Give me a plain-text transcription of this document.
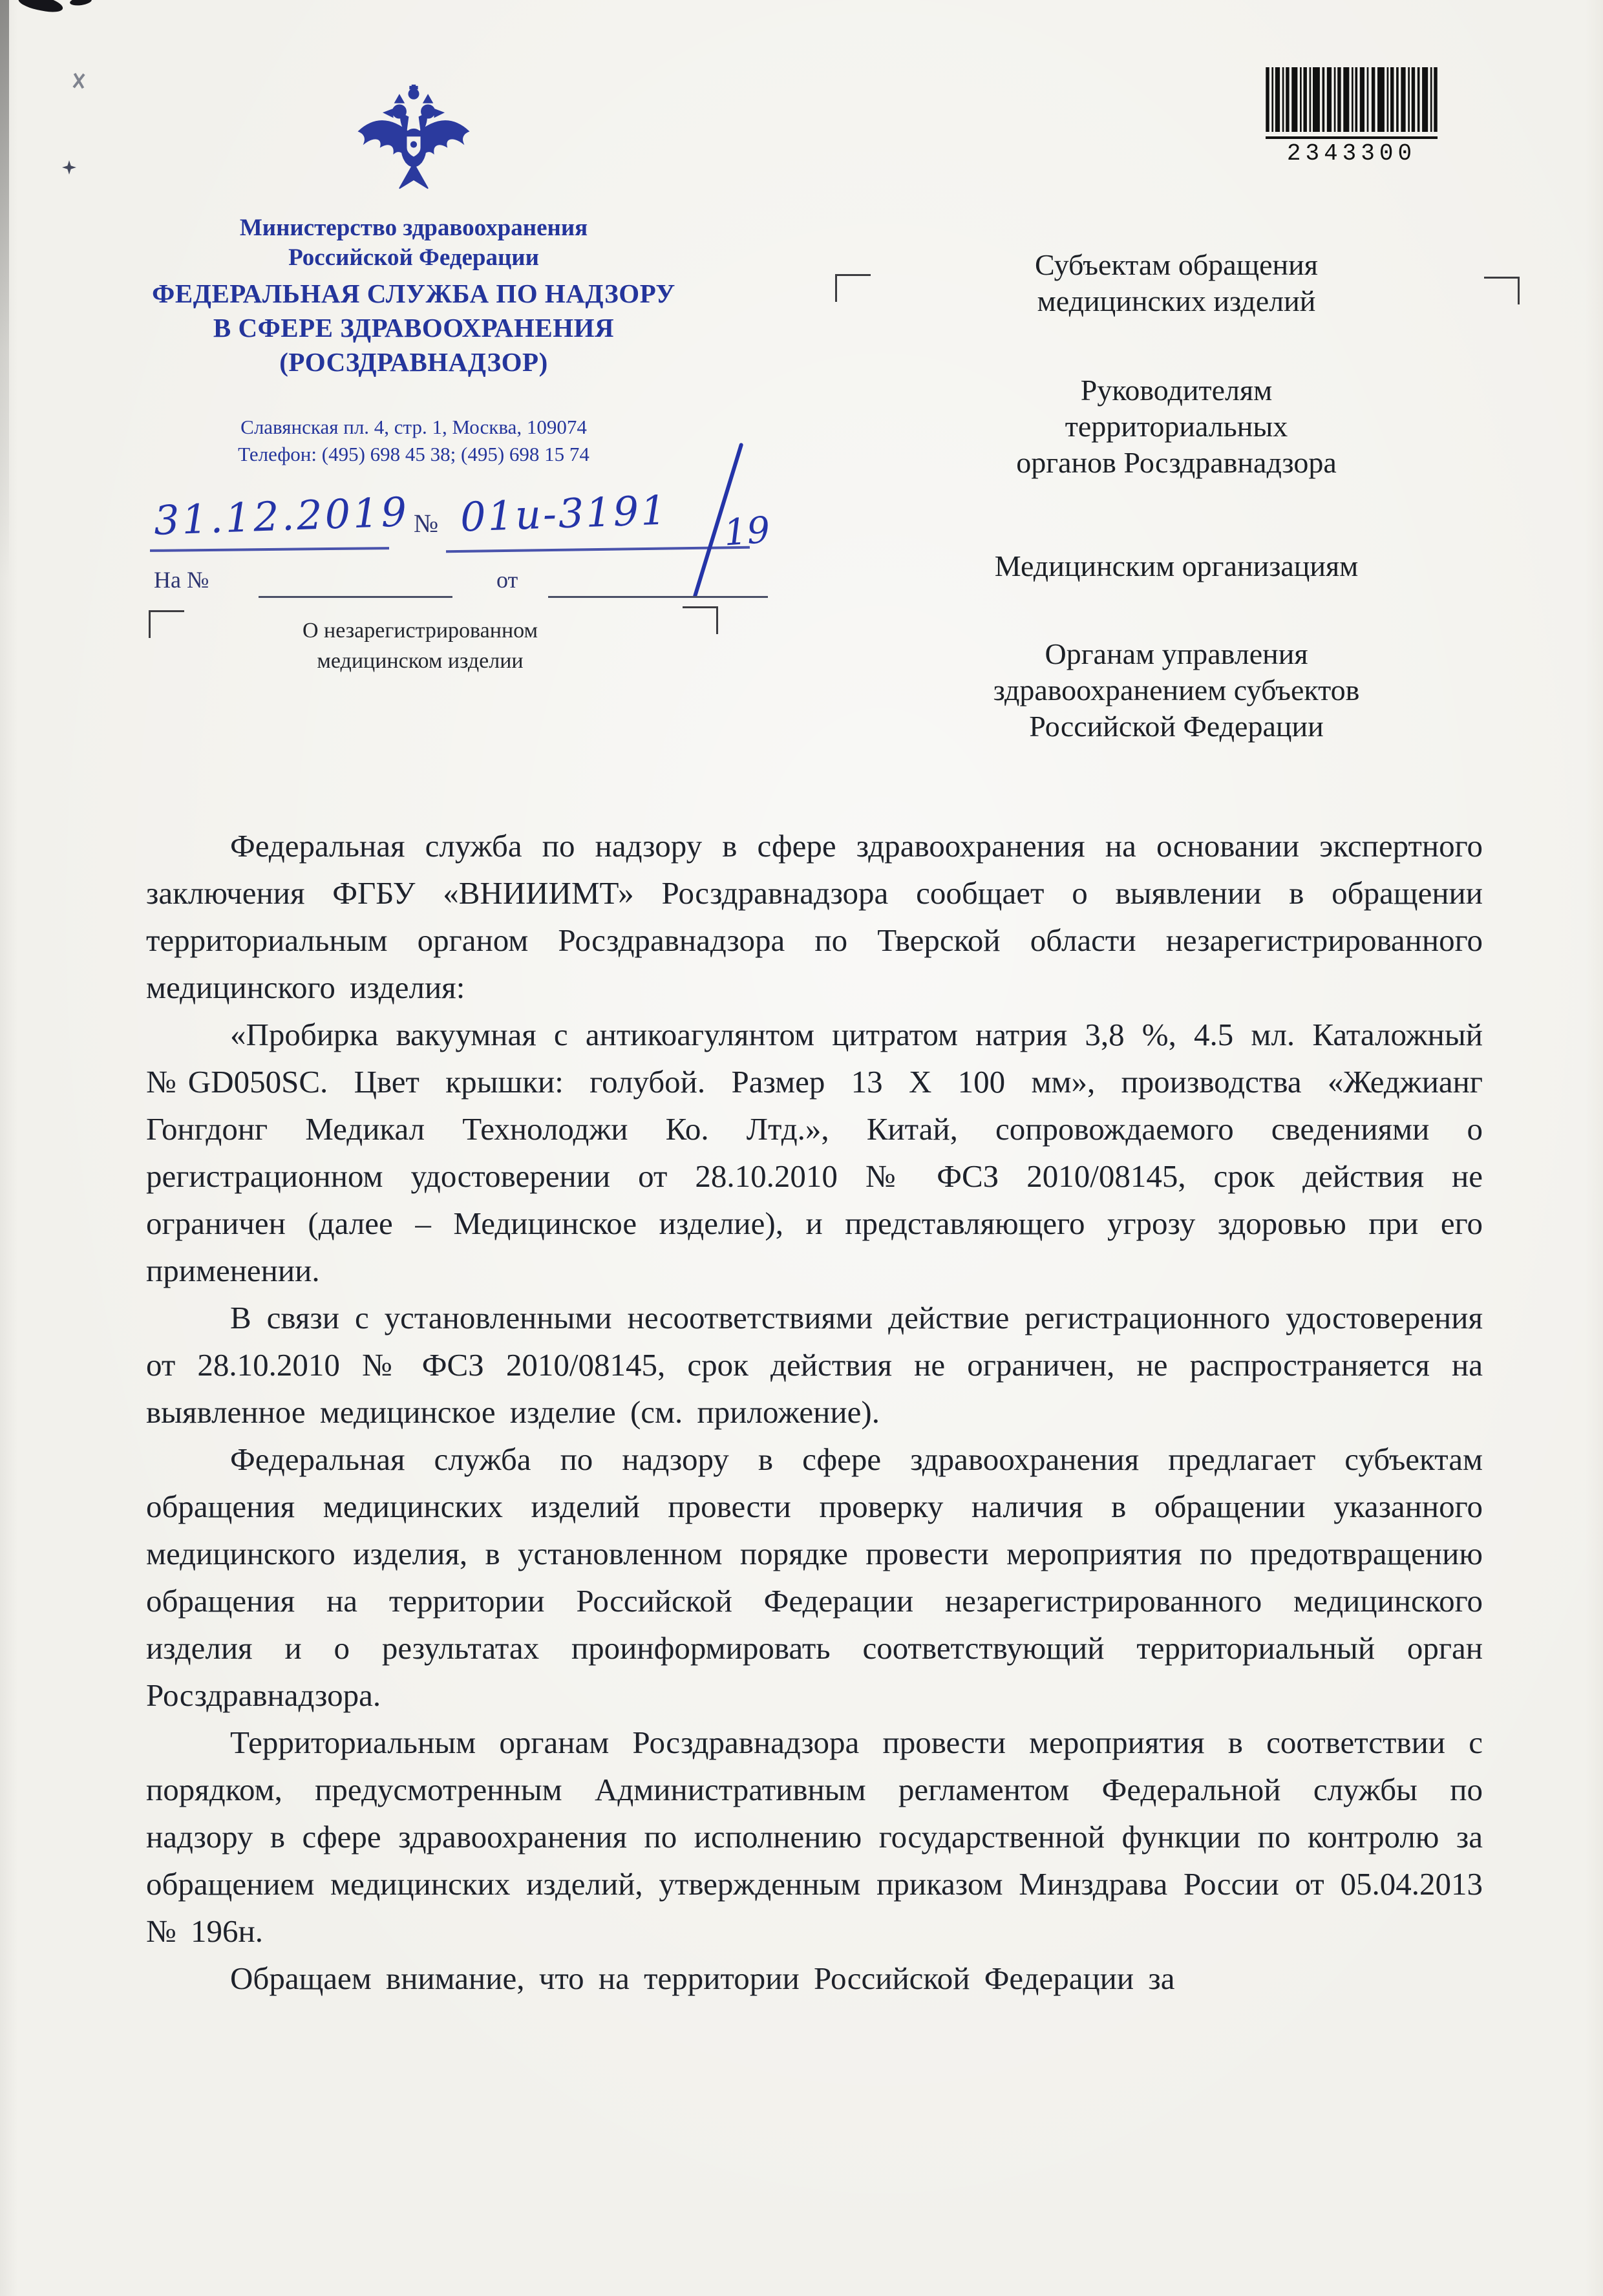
Министерство здравоохранения
Российской Федерации
ФЕДЕРАЛЬНАЯ СЛУЖБА ПО НАДЗОРУ
В СФЕРЕ ЗДРАВООХРАНЕНИЯ
(РОСЗДРАВНАДЗОР)
Славянская пл. 4, стр. 1, Москва, 109074
Телефон: (495) 698 45 38; (495) 698 15 74
2343300
31.12.2019 № 01и-3191 19
На №	от
О незарегистрированном
медицинском изделии
Субъектам обращения
медицинских изделий
Руководителям
территориальных
органов Росздравнадзора
Медицинским организациям
Органам управления
здравоохранением субъектов
Российской Федерации

Федеральная служба по надзору в сфере здравоохранения на основании экспертного заключения ФГБУ «ВНИИИМТ» Росздравнадзора сообщает о выявлении в обращении территориальным органом Росздравнадзора по Тверской области незарегистрированного медицинского изделия:

«Пробирка вакуумная с антикоагулянтом цитратом натрия 3,8 %, 4.5 мл. Каталожный №GD050SC. Цвет крышки: голубой. Размер 13 Х 100 мм», производства «Жеджианг Гонгдонг Медикал Технолоджи Ко. Лтд.», Китай, сопровождаемого сведениями о регистрационном удостоверении от 28.10.2010 № ФСЗ 2010/08145, срок действия не ограничен (далее – Медицинское изделие), и представляющего угрозу здоровью при его применении.

В связи с установленными несоответствиями действие регистрационного удостоверения от 28.10.2010 № ФСЗ 2010/08145, срок действия не ограничен, не распространяется на выявленное медицинское изделие (см. приложение).

Федеральная служба по надзору в сфере здравоохранения предлагает субъектам обращения медицинских изделий провести проверку наличия в обращении указанного медицинского изделия, в установленном порядке провести мероприятия по предотвращению обращения на территории Российской Федерации незарегистрированного медицинского изделия и о результатах проинформировать соответствующий территориальный орган Росздравнадзора.

Территориальным органам Росздравнадзора провести мероприятия в соответствии с порядком, предусмотренным Административным регламентом Федеральной службы по надзору в сфере здравоохранения по исполнению государственной функции по контролю за обращением медицинских изделий, утвержденным приказом Минздрава России от 05.04.2013 № 196н.

Обращаем внимание, что на территории Российской Федерации за
